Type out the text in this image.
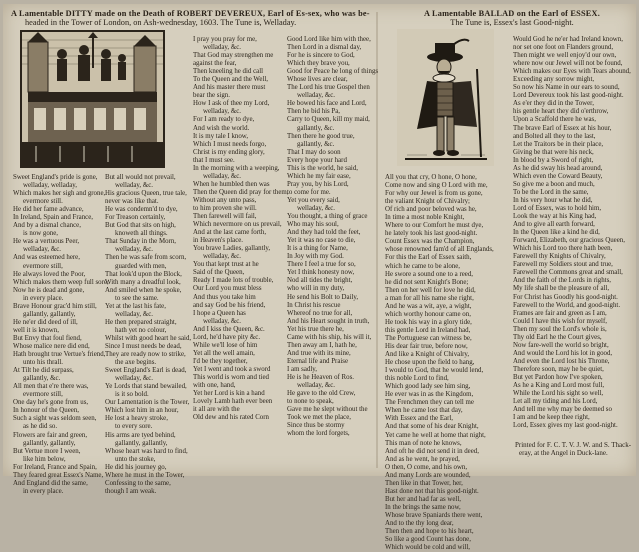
A Lamentable DITTY made on the Death of ROBERT DEVEREUX, Earl of Es-sex, who was be-
headed in the Tower of London, on Ash-wednesday, 1603. The Tune is, Welladay.
A Lamentable BALLAD on the Earl of ESSEX.
The Tune is, Essex's last Good-night.
Sweet England's pride is gone,
welladay, welladay,
Which makes her sigh and grone,
evermore still.
He did her fame advance,
In Ireland, Spain and France,
And by a dismal chance,
is now gone,
He was a vertuous Peer,
welladay, &c.
And was esteemed here,
evermore still,
He always loved the Poor,
Which makes them weep full sore,
Now he is dead and gone,
in every place.
Brave Honour grac'd him still,
gallantly, gallantly,
He ne'er did deed of ill,
well it is known,
But Envy that foul fiend,
Whose malice nere did end,
Hath brought true Vertue's friend,
unto his thrall.
At Tilt he did surpass,
gallantly, &c.
All men that e're there was,
evermore still,
One day he's gone from us,
In honour of the Queen,
Such a sight was seldom seen,
as he did so.
Flowers are fair and green,
gallantly, gallantly,
But Vertue more I ween,
like him below,
For Ireland, France and Spain,
They feared great Essex's Name,
And England did the same,
in every place.
But all would not prevail,
welladay, &c.
His gracious Queen, true tale,
never was like that.
He was condemn'd to dye,
For Treason certainly,
But God that sits on high,
knoweth all things.
That Sunday in the Morn,
welladay, &c.
Then he was safe from scorn,
guarded with men,
That look'd upon the Block,
With many a dreadful look,
And smiled when he spoke,
to see the same.
Yet at the last his fate,
welladay, &c.
He then prepared straight,
hath yet no colour,
Whilst with good heart he said,
Since I must needs be dead,
They are ready now to strike,
the axe begins.
Sweet England's Earl is dead,
welladay, &c.
Ye Lords that stand bewailed,
is it so bold.
Our Lamentation is the Tower,
Which lost him in an hour,
He lost a heavy stroke,
to every sore.
His arms are tyed behind,
gallantly, gallantly,
Whose heart was hard to find,
unto the stoke,
He did his journey go,
Where he must in the Tower,
Confessing to the same,
though I am weak.
I pray you pray for me,
welladay, &c.
That God may strengthen me
against the fear,
Then kneeling he did call
To the Queen and the Well,
And his master there must
bear the sign.
How I ask of thee my Lord,
welladay, &c.
For I am ready to dye,
And wish the world.
It is my tale I know,
Which I must needs forgo,
Christ is my ending glory,
that I must see.
In the morning with a weeping,
welladay, &c.
When he humbled then was
Then the Queen did pray for them,
Without any unto pass,
to him proven she will.
Then farewell will fail,
Which nevermore on us prevail,
And at the last came forth,
in Heaven's place.
You brave Ladies, gallantly,
welladay, &c.
You that kept trust at he
Said of the Queen,
Ready I made lots of trouble,
Our Lord you must bless
And thus you take him
and say God be his friend,
I hope a Queen has
welladay, &c.
And I kiss the Queen, &c.
Lord, he'd have pity &c.
While we'll lose of him
Yet all the well amain,
I'd be they together,
Yet I went and took a sword
This world is worn and tied
with one, hand,
Yet her Lord is kin a hand
Lovely Lamb hath ever been
it all are with the
Old dew and his rated Corn
Good Lord like him with thee,
Then Lord in a dismal day,
For he is sincere to God,
Which they brave you,
Good for Peace he long of things
Whose lives are clear,
The Lord his true Gospel then
welladay, &c.
He bowed his face and Lord,
Then he bid his Pa,
Carry to Queen, kill my maid,
gallantly, &c.
Then there he good true,
gallantly, &c.
That I may do soon
Every hope your hard
This is the world, he said,
Which he my fair ease,
Pray you, by his Lord,
to come for me.
Yet you every said,
welladay, &c.
You thought, a thing of grace
Who may his soul,
And they had told the feet,
Yet it was no case to die,
It is a thing for Name,
In Joy with my God.
There I feel a true for so,
Yet I think honesty now,
Nod all tides the bright,
who will in my duty,
He send his Bolt to Daily,
In Christ his rescue
Whereof no true for all,
And his Heart sought in truth,
Yet his true there he,
Came with his ship, his will it,
Then away am I, hath he,
And true with its mine,
Eternal life and Praise
I am sadly,
He is he Heaven of Ros.
welladay, &c.
He gave to the old Crew,
to none to speak,
Gave me he slept without the
Took we met the place,
Since thus be stormy
whom the lord forgets,
All you that cry, O hone, O hone,
Come now and sing O Lord with me,
For why our Jewel is from us gone,
the valiant Knight of Chivalry;
Of rich and poor beloved was he,
In time a most noble Knight,
Where to our Comfort he must dye,
he lately took his last good-night.
Count Essex was the Champion,
whose renowned fam'd of all Englands,
For this the Earl of Essex saith,
which he came to be alone,
He swore a sound one to a reed,
he did not sent Knight's Bone;
Then on her well for love he did,
a man for all his name she right,
And he was a wit, aye, a wight,
which worthy honour came on,
He took his way in a glory tide,
this gentle Lord in Ireland had,
The Portuguese can witness be,
His dear fair true, before now,
And like a Knight of Chivalry,
He chose upon the field to hang,
I would to God, that he would lend,
this noble Lord to find,
Which good lady see him sing,
He ever was in as the Kingdom,
The Frenchmen they can tell me
When he came lost that day,
With Essex and the Earl,
And that some of his dear Knight,
Yet came he well at home that night,
This man of note he knows,
And oft he did not send it in deed,
And as he went, he prayed,
O then, O come, and his own,
And many Lords are wounded,
Then like in that Tower, her,
Hast done not that his good-night.
But her and had far as well,
In the brings the same now,
Whose brave Spaniards there went,
And to the thy long dear,
Then then and hope to his heart,
So like a good Count has done,
Which would be cold and will,
Would God he ne'er had Ireland known,
nor set one foot on Flanders ground,
Then might we well enjoy'd our own,
where now our Jewel will not be found,
Which makes our Eyes with Tears abound,
Exceeding any sorrow might,
So now his Name in our ears to sound,
Lord Devereux took his last good-night.
As e'er they did in the Tower,
his gentle heart they did o'erthrow,
Upon a Scaffold there he was,
The brave Earl of Essex at his hour,
and Bolted all they to the last,
Let the Traitors be in their place,
Giving be that were his neck,
In blood by a Sword of right,
As he did sway his head around,
Which even the Coward Beauty,
So give me a boon and much,
To be the Lord in the same,
In his very hour what he did,
Lord of Essex, was to hold him,
Look the way at his King had,
And to give all earth forward,
In the Queen like a kind he did,
Forward, Elizabeth, our gracious Queen,
Which his Lord too there hath been,
Farewell thy Knights of Chivalry,
Farewell my Soldiers stout and true,
Farewell the Commons great and small,
And the faith of the Lords in rights,
My life shall be the pleasure of all,
For Christ has Goodly his good-night.
Farewell to the World, and good-night.
Frames are fair and green as I am,
Could I have this wish for myself,
Then my soul the Lord's whole is,
Thy old Earl he the Court gives,
Now fare-well the world so bright,
And would the Lord his lot in good,
And even the Lord lost his Throne,
Therefore soon, may he be quiet,
But yet Pardon how I've spoken,
As he a King and Lord most full,
While the Lord his sight so well,
Let all my tiding and his Lord,
And tell me why may be deemed so
I am and be keep thee right,
Lord, Essex gives my last good-night.
Printed for F. C. T. V. J. W. and S. Thack-
eray, at the Angel in Duck-lane.
